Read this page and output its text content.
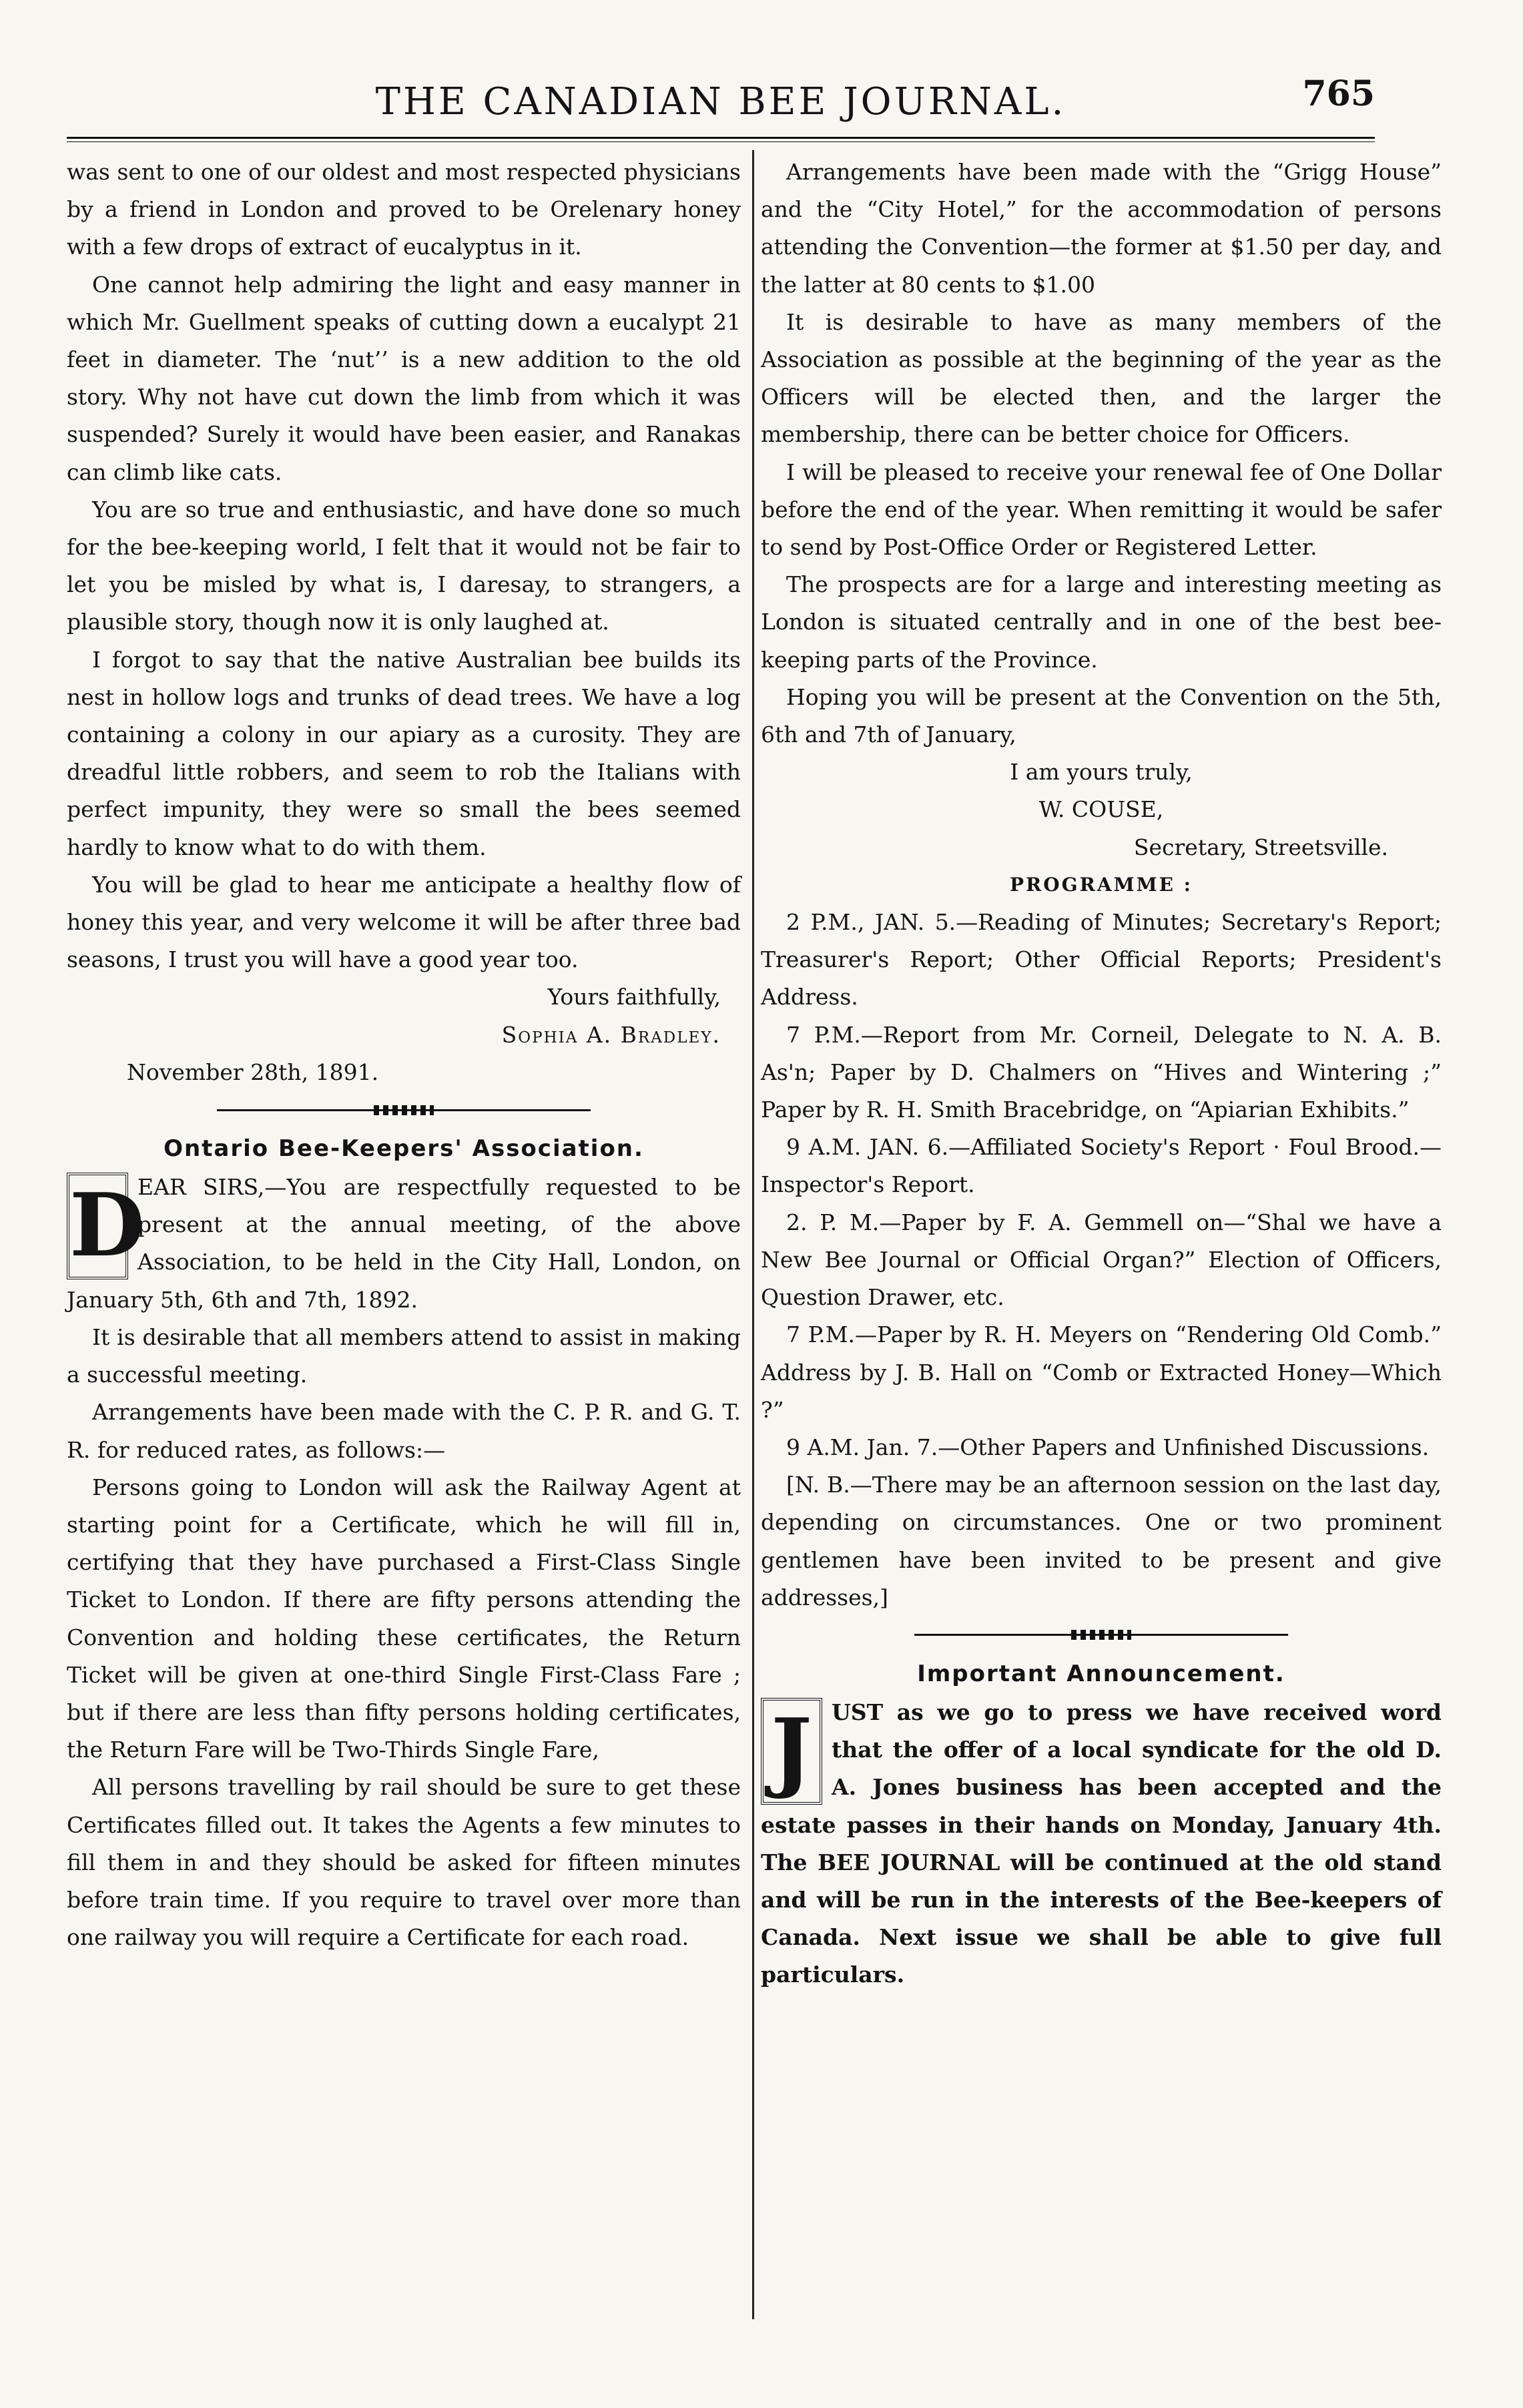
THE CANADIAN BEE JOURNAL.	765

was sent to one of our oldest and most respected physicians by a friend in London and proved to be Orelenary honey with a few drops of extract of eucalyptus in it.

One cannot help admiring the light and easy manner in which Mr. Guellment speaks of cutting down a eucalypt 21 feet in diameter. The ‘nut’’ is a new addition to the old story. Why not have cut down the limb from which it was suspended? Surely it would have been easier, and Ranakas can climb like cats.

You are so true and enthusiastic, and have done so much for the bee-keeping world, I felt that it would not be fair to let you be misled by what is, I daresay, to strangers, a plausible story, though now it is only laughed at.

I forgot to say that the native Australian bee builds its nest in hollow logs and trunks of dead trees. We have a log containing a colony in our apiary as a curosity. They are dreadful little robbers, and seem to rob the Italians with perfect impunity, they were so small the bees seemed hardly to know what to do with them.

You will be glad to hear me anticipate a healthy flow of honey this year, and very welcome it will be after three bad seasons, I trust you will have a good year too.

Yours faithfully,
Sophia A. Bradley.

November 28th, 1891.

Ontario Bee-Keepers' Association.

D
EAR SIRS,—You are respectfully requested to be present at the annual meeting, of the above Association, to be held in the City Hall, London, on January 5th, 6th and 7th, 1892.

It is desirable that all members attend to assist in making a successful meeting.

Arrangements have been made with the C. P. R. and G. T. R. for reduced rates, as follows:—

Persons going to London will ask the Railway Agent at starting point for a Certificate, which he will fill in, certifying that they have purchased a First-Class Single Ticket to London. If there are fifty persons attending the Convention and holding these certificates, the Return Ticket will be given at one-third Single First-Class Fare ; but if there are less than fifty persons holding certificates, the Return Fare will be Two-Thirds Single Fare,

All persons travelling by rail should be sure to get these Certificates filled out. It takes the Agents a few minutes to fill them in and they should be asked for fifteen minutes before train time. If you require to travel over more than one railway you will require a Certificate for each road.

Arrangements have been made with the “Grigg House” and the “City Hotel,” for the accommodation of persons attending the Convention—the former at $1.50 per day, and the latter at 80 cents to $1.00

It is desirable to have as many members of the Association as possible at the beginning of the year as the Officers will be elected then, and the larger the membership, there can be better choice for Officers.

I will be pleased to receive your renewal fee of One Dollar before the end of the year. When remitting it would be safer to send by Post-Office Order or Registered Letter.

The prospects are for a large and interesting meeting as London is situated centrally and in one of the best bee-keeping parts of the Province.

Hoping you will be present at the Convention on the 5th, 6th and 7th of January,

I am yours truly,
W. COUSE,
Secretary, Streetsville.
PROGRAMME :

2 P.M., JAN. 5.—Reading of Minutes; Secretary's Report; Treasurer's Report; Other Official Reports; President's Address.

7 P.M.—Report from Mr. Corneil, Delegate to N. A. B. As'n; Paper by D. Chalmers on “Hives and Wintering ;” Paper by R. H. Smith Bracebridge, on “Apiarian Exhibits.”

9 A.M. JAN. 6.—Affiliated Society's Report · Foul Brood.—Inspector's Report.

2. P. M.—Paper by F. A. Gemmell on—“Shal we have a New Bee Journal or Official Organ?” Election of Officers, Question Drawer, etc.

7 P.M.—Paper by R. H. Meyers on “Rendering Old Comb.” Address by J. B. Hall on “Comb or Extracted Honey—Which ?”

9 A.M. Jan. 7.—Other Papers and Unfinished Discussions.

[N. B.—There may be an afternoon session on the last day, depending on circumstances. One or two prominent gentlemen have been invited to be present and give addresses,]

Important Announcement.

J UST as we go to press we have received word that the offer of a local syndicate for the old D. A. Jones business has been accepted and the estate passes in their hands on Monday, January 4th. The BEE JOURNAL will be continued at the old stand and will be run in the interests of the Bee-keepers of Canada. Next issue we shall be able to give full particulars.
